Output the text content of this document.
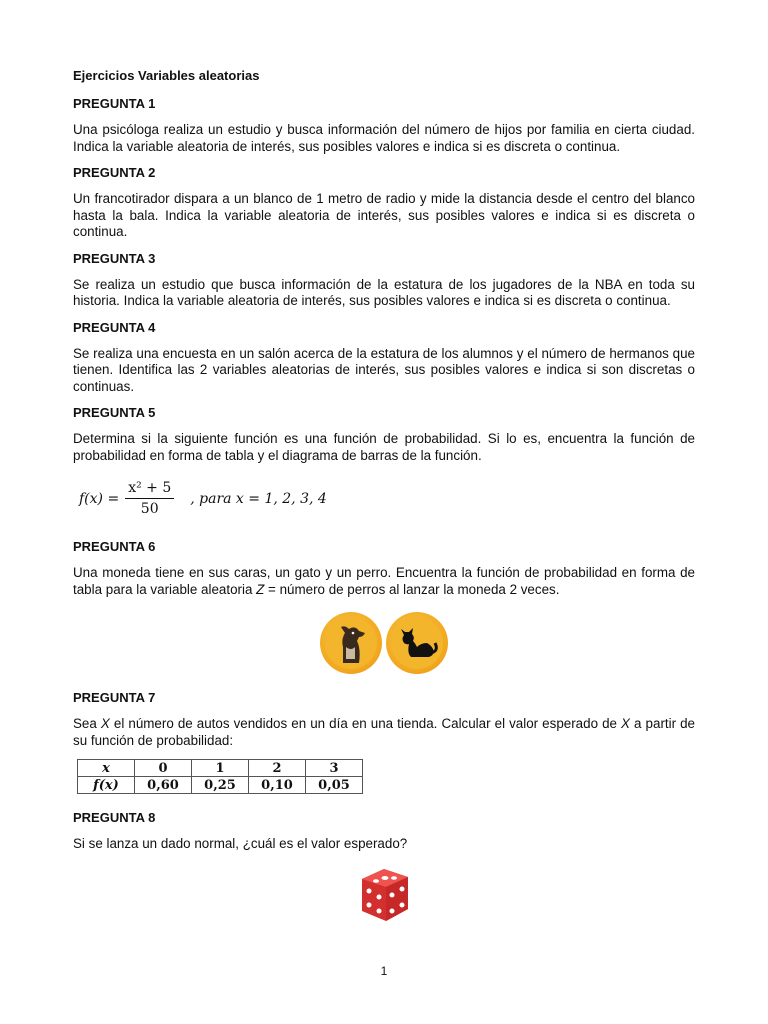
Ejercicios Variables aleatorias
PREGUNTA 1

Una psicóloga realiza un estudio y busca información del número de hijos por familia en cierta ciudad. Indica la variable aleatoria de interés, sus posibles valores e indica si es discreta o continua.

PREGUNTA 2

Un francotirador dispara a un blanco de 1 metro de radio y mide la distancia desde el centro del blanco hasta la bala. Indica la variable aleatoria de interés, sus posibles valores e indica si es discreta o continua.

PREGUNTA 3

Se realiza un estudio que busca información de la estatura de los jugadores de la NBA en toda su historia. Indica la variable aleatoria de interés, sus posibles valores e indica si es discreta o continua.

PREGUNTA 4

Se realiza una encuesta en un salón acerca de la estatura de los alumnos y el número de hermanos que tienen. Identifica las 2 variables aleatorias de interés, sus posibles valores e indica si son discretas o continuas.

PREGUNTA 5

Determina si la siguiente función es una función de probabilidad. Si lo es, encuentra la función de probabilidad en forma de tabla y el diagrama de barras de la función.

$f(x) = \frac{\text{x² + 5}}{50}$ , para x = 1, 2, 3, 4
PREGUNTA 6

Una moneda tiene en sus caras, un gato y un perro. Encuentra la función de probabilidad en forma de tabla para la variable aleatoria Z = número de perros al lanzar la moneda 2 veces.

PREGUNTA 7

Sea X el número de autos vendidos en un día en una tienda. Calcular el valor esperado de X a partir de su función de probabilidad:

x	0	1	2	3
f(x)	0,60	0,25	0,10	0,05
PREGUNTA 8

Si se lanza un dado normal, ¿cuál es el valor esperado?

1
